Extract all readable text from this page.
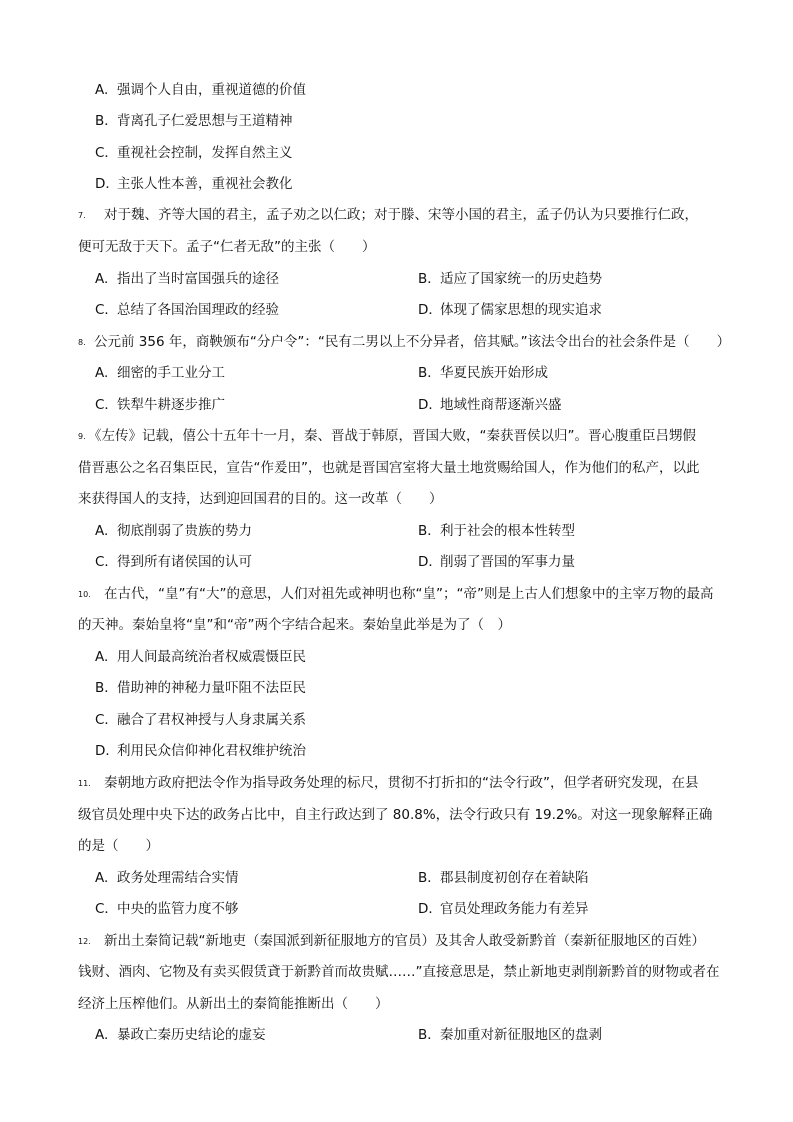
A. 强调个人自由，重视道德的价值
B．背离孔子仁爱思想与王道精神
C．重视社会控制，发挥自然主义
D．主张人性本善，重视社会教化
7. 对于魏、齐等大国的君主，孟子劝之以仁政；对于滕、宋等小国的君主，孟子仍认为只要推行仁政，
便可无敌于天下。孟子“仁者无敌”的主张（　　）
A. 指出了当时富国强兵的途径	B．适应了国家统一的历史趋势
C．总结了各国治国理政的经验	D．体现了儒家思想的现实追求
8. 公元前 356 年，商鞅颁布“分户令”：“民有二男以上不分异者，倍其赋。”该法令出台的社会条件是（　　）
A. 细密的手工业分工	B．华夏民族开始形成
C．铁犁牛耕逐步推广	D．地域性商帮逐渐兴盛
9. 《左传》记载，僖公十五年十一月，秦、晋战于韩原，晋国大败，“秦获晋侯以归”。晋心腹重臣吕甥假
借晋惠公之名召集臣民，宣告“作爰田”，也就是晋国宫室将大量土地赏赐给国人，作为他们的私产，以此
来获得国人的支持，达到迎回国君的目的。这一改革（　　）
A. 彻底削弱了贵族的势力	B．利于社会的根本性转型
C．得到所有诸侯国的认可	D．削弱了晋国的军事力量
10. 在古代，“皇”有“大”的意思，人们对祖先或神明也称“皇”；“帝”则是上古人们想象中的主宰万物的最高
的天神。秦始皇将“皇”和“帝”两个字结合起来。秦始皇此举是为了（　）
A. 用人间最高统治者权威震慑臣民
B．借助神的神秘力量吓阻不法臣民
C．融合了君权神授与人身隶属关系
D．利用民众信仰神化君权维护统治
11. 秦朝地方政府把法令作为指导政务处理的标尺，贯彻不打折扣的“法令行政”，但学者研究发现，在县
级官员处理中央下达的政务占比中，自主行政达到了 80.8%，法令行政只有 19.2%。对这一现象解释正确
的是（　　）
A. 政务处理需结合实情	B．郡县制度初创存在着缺陷
C．中央的监管力度不够	D．官员处理政务能力有差异
12. 新出土秦简记载“新地吏（秦国派到新征服地方的官员）及其舍人敢受新黔首（秦新征服地区的百姓）
钱财、酒肉、它物及有卖买假赁貣于新黔首而故贵赋……”直接意思是，禁止新地吏剥削新黔首的财物或者在
经济上压榨他们。从新出土的秦简能推断出（　　）
A. 暴政亡秦历史结论的虚妄	B．秦加重对新征服地区的盘剥
